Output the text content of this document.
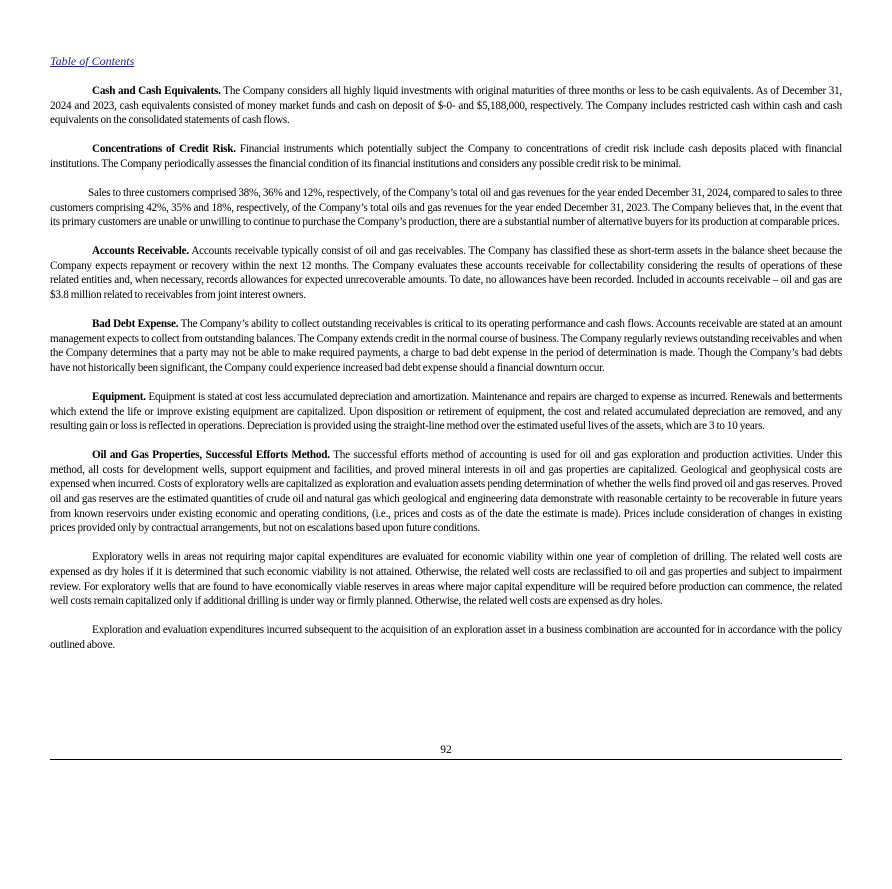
Table of Contents

Cash and Cash Equivalents. The Company considers all highly liquid investments with original maturities of three months or less to be cash equivalents. As of December 31, 2024 and 2023, cash equivalents consisted of money market funds and cash on deposit of $-0- and $5,188,000, respectively. The Company includes restricted cash within cash and cash equivalents on the consolidated statements of cash flows.

Concentrations of Credit Risk. Financial instruments which potentially subject the Company to concentrations of credit risk include cash deposits placed with financial institutions. The Company periodically assesses the financial condition of its financial institutions and considers any possible credit risk to be minimal.

Sales to three customers comprised 38%, 36% and 12%, respectively, of the Company’s total oil and gas revenues for the year ended December 31, 2024, compared to sales to three customers comprising 42%, 35% and 18%, respectively, of the Company’s total oils and gas revenues for the year ended December 31, 2023. The Company believes that, in the event that its primary customers are unable or unwilling to continue to purchase the Company’s production, there are a substantial number of alternative buyers for its production at comparable prices.

Accounts Receivable. Accounts receivable typically consist of oil and gas receivables. The Company has classified these as short-term assets in the balance sheet because the Company expects repayment or recovery within the next 12 months. The Company evaluates these accounts receivable for collectability considering the results of operations of these related entities and, when necessary, records allowances for expected unrecoverable amounts. To date, no allowances have been recorded. Included in accounts receivable – oil and gas are $3.8 million related to receivables from joint interest owners.

Bad Debt Expense. The Company’s ability to collect outstanding receivables is critical to its operating performance and cash flows. Accounts receivable are stated at an amount management expects to collect from outstanding balances. The Company extends credit in the normal course of business. The Company regularly reviews outstanding receivables and when the Company determines that a party may not be able to make required payments, a charge to bad debt expense in the period of determination is made. Though the Company’s bad debts have not historically been significant, the Company could experience increased bad debt expense should a financial downturn occur.

Equipment. Equipment is stated at cost less accumulated depreciation and amortization. Maintenance and repairs are charged to expense as incurred. Renewals and betterments which extend the life or improve existing equipment are capitalized. Upon disposition or retirement of equipment, the cost and related accumulated depreciation are removed, and any resulting gain or loss is reflected in operations. Depreciation is provided using the straight-line method over the estimated useful lives of the assets, which are 3 to 10 years.

Oil and Gas Properties, Successful Efforts Method. The successful efforts method of accounting is used for oil and gas exploration and production activities. Under this method, all costs for development wells, support equipment and facilities, and proved mineral interests in oil and gas properties are capitalized. Geological and geophysical costs are expensed when incurred. Costs of exploratory wells are capitalized as exploration and evaluation assets pending determination of whether the wells find proved oil and gas reserves. Proved oil and gas reserves are the estimated quantities of crude oil and natural gas which geological and engineering data demonstrate with reasonable certainty to be recoverable in future years from known reservoirs under existing economic and operating conditions, (i.e., prices and costs as of the date the estimate is made). Prices include consideration of changes in existing prices provided only by contractual arrangements, but not on escalations based upon future conditions.

Exploratory wells in areas not requiring major capital expenditures are evaluated for economic viability within one year of completion of drilling. The related well costs are expensed as dry holes if it is determined that such economic viability is not attained. Otherwise, the related well costs are reclassified to oil and gas properties and subject to impairment review. For exploratory wells that are found to have economically viable reserves in areas where major capital expenditure will be required before production can commence, the related well costs remain capitalized only if additional drilling is under way or firmly planned. Otherwise, the related well costs are expensed as dry holes.

Exploration and evaluation expenditures incurred subsequent to the acquisition of an exploration asset in a business combination are accounted for in accordance with the policy outlined above.

92
